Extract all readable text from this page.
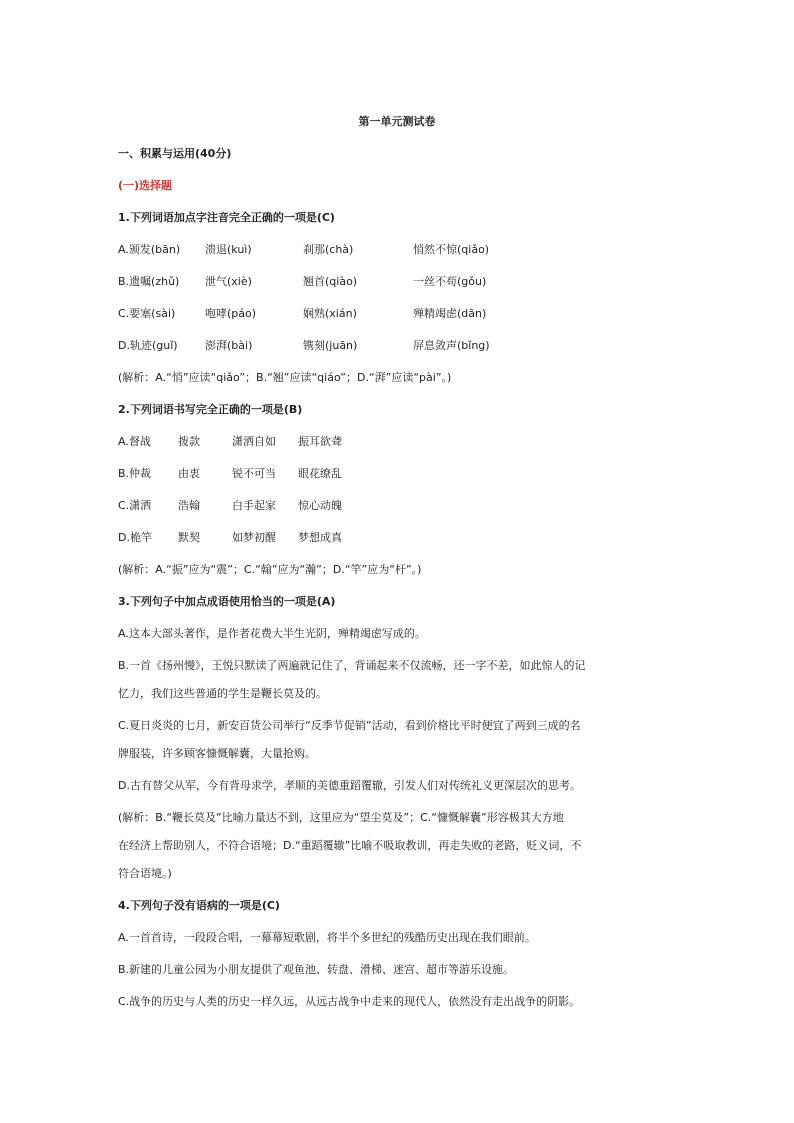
第一单元测试卷
一、积累与运用(40分)
(一)选择题
1.下列词语加点字注音完全正确的一项是(C)
A.颁发(bān) 溃退(kuì)	刹那(chà)	悄然不惊(qiǎo)
B.遗嘱(zhǔ) 泄气(xiè)	翘首(qiào)	一丝不苟(gǒu)
C.要塞(sài)	咆哮(páo)	娴熟(xián)	殚精竭虑(dān)
D.轨迹(guǐ) 澎湃(bài)	镌刻(juān)	屏息敛声(bǐng)
(解析：A.“悄”应读“qiǎo”；B.“翘”应读“qiáo”；D.“湃”应读“pài”。)
2.下列词语书写完全正确的一项是(B)
A.督战 拨款	潇洒自如 振耳欲聋
B.仲裁 由衷	锐不可当 眼花缭乱
C.潇洒 浩翰	白手起家 惊心动魄
D.桅竿 默契	如梦初醒 梦想成真
(解析：A.“振”应为“震”；C.“翰”应为“瀚”；D.“竿”应为“杆”。)
3.下列句子中加点成语使用恰当的一项是(A)
A.这本大部头著作，是作者花费大半生光阴，殚精竭虑写成的。
B.一首《扬州慢》，王悦只默读了两遍就记住了，背诵起来不仅流畅，还一字不差，如此惊人的记
忆力，我们这些普通的学生是鞭长莫及的。
C.夏日炎炎的七月，新安百货公司举行“反季节促销”活动，看到价格比平时便宜了两到三成的名
牌服装，许多顾客慷慨解囊，大量抢购。
D.古有替父从军，今有背母求学，孝顺的美德重蹈覆辙，引发人们对传统礼义更深层次的思考。
(解析：B.“鞭长莫及”比喻力量达不到，这里应为“望尘莫及”；C.“慷慨解囊”形容极其大方地
在经济上帮助别人，不符合语境；D.“重蹈覆辙”比喻不吸取教训，再走失败的老路，贬义词，不
符合语境。)
4.下列句子没有语病的一项是(C)
A.一首首诗，一段段合唱，一幕幕短歌剧，将半个多世纪的残酷历史出现在我们眼前。
B.新建的儿童公园为小朋友提供了观鱼池、转盘、滑梯、迷宫、超市等游乐设施。
C.战争的历史与人类的历史一样久远，从远古战争中走来的现代人，依然没有走出战争的阴影。
